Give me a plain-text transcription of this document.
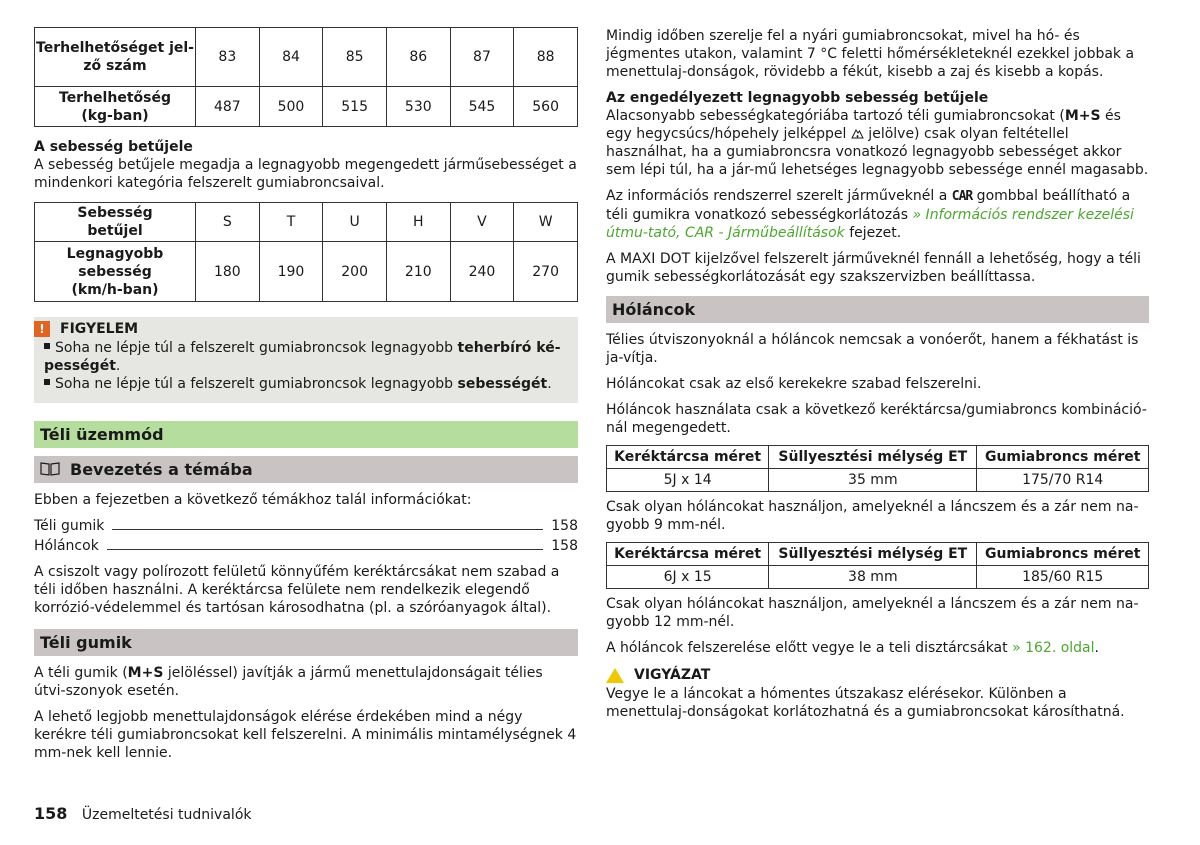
Terhelhetőséget jel-
ző szám	83	84	85	86	87	88
Terhelhetőség
(kg-ban)	487	500	515	530	545	560

A sebesség betűjele

A sebesség betűjele megadja a legnagyobb megengedett járműsebességet a mindenkori kategória felszerelt gumiabroncsaival.

Sebesség
betűjel	S	T	U	H	V	W
Legnagyobb
sebesség
(km/h-ban)	180	190	200	210	240	270
!	FIGYELEM
Soha ne lépje túl a felszerelt gumiabroncsok legnagyobb teherbíró ké-pességét.
Soha ne lépje túl a felszerelt gumiabroncsok legnagyobb sebességét.
Téli üzemmód
Bevezetés a témába

Ebben a fejezetben a következő témákhoz talál információkat:

Téli gumik	158
Hóláncok	158

A csiszolt vagy polírozott felületű könnyűfém keréktárcsákat nem szabad a téli időben használni. A keréktárcsa felülete nem rendelkezik elegendő korrózió-védelemmel és tartósan károsodhatna (pl. a szóróanyagok által).

Téli gumik

A téli gumik (M+S jelöléssel) javítják a jármű menettulajdonságait télies útvi-szonyok esetén.

A lehető legjobb menettulajdonságok elérése érdekében mind a négy kerékre téli gumiabroncsokat kell felszerelni. A minimális mintamélységnek 4 mm-nek kell lennie.

Mindig időben szerelje fel a nyári gumiabroncsokat, mivel ha hó- és jégmentes utakon, valamint 7 °C feletti hőmérsékleteknél ezekkel jobbak a menettulaj-donságok, rövidebb a fékút, kisebb a zaj és kisebb a kopás.

Az engedélyezett legnagyobb sebesség betűjele

Alacsonyabb sebességkategóriába tartozó téli gumiabroncsokat (M+S és egy hegycsúcs/hópehely jelképpel  jelölve) csak olyan feltétellel használhat, ha a gumiabroncsra vonatkozó legnagyobb sebességet akkor sem lépi túl, ha a jár-mű lehetséges legnagyobb sebessége ennél magasabb.

Az információs rendszerrel szerelt járműveknél a CAR gombbal beállítható a téli gumikra vonatkozó sebességkorlátozás » Információs rendszer kezelési útmu-tató, CAR - Járműbeállítások fejezet.

A MAXI DOT kijelzővel felszerelt járműveknél fennáll a lehetőség, hogy a téli gumik sebességkorlátozását egy szakszervizben beállíttassa.

Hóláncok

Télies útviszonyoknál a hóláncok nemcsak a vonóerőt, hanem a fékhatást is ja-vítja.

Hóláncokat csak az első kerekekre szabad felszerelni.

Hóláncok használata csak a következő keréktárcsa/gumiabroncs kombináció-nál megengedett.

Keréktárcsa méret	Süllyesztési mélység ET	Gumiabroncs méret
5J x 14	35 mm	175/70 R14

Csak olyan hóláncokat használjon, amelyeknél a láncszem és a zár nem na-gyobb 9 mm-nél.

Keréktárcsa méret	Süllyesztési mélység ET	Gumiabroncs méret
6J x 15	38 mm	185/60 R15

Csak olyan hóláncokat használjon, amelyeknél a láncszem és a zár nem na-gyobb 12 mm-nél.

A hóláncok felszerelése előtt vegye le a teli disztárcsákat » 162. oldal.

VIGYÁZAT

Vegye le a láncokat a hómentes útszakasz elérésekor. Különben a menettulaj-donságokat korlátozhatná és a gumiabroncsokat károsíthatná.

158 Üzemeltetési tudnivalók
